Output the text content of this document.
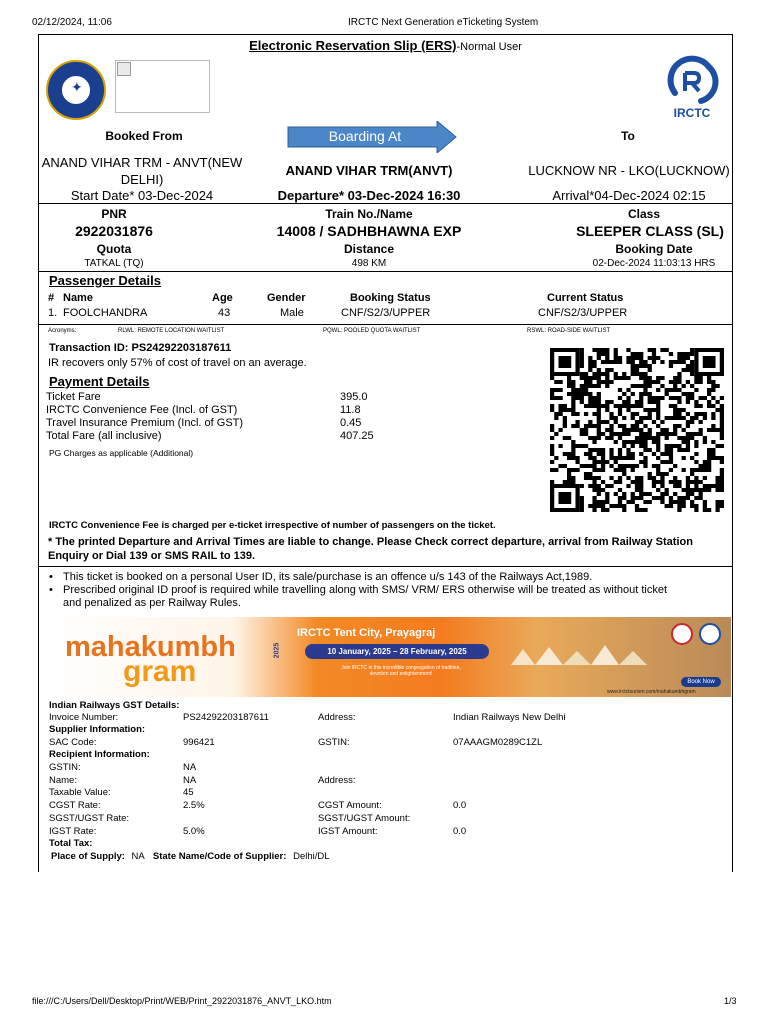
02/12/2024, 11:06	IRCTC Next Generation eTicketing System
file:///C:/Users/Dell/Desktop/Print/WEB/Print_2922031876_ANVT_LKO.htm	1/3
Electronic Reservation Slip (ERS)-Normal User
✦
IRCTC
Booked From	Boarding At	To
ANAND VIHAR TRM - ANVT(NEW
DELHI)
ANAND VIHAR TRM(ANVT)	LUCKNOW NR - LKO(LUCKNOW)
Start Date* 03-Dec-2024	Departure* 03-Dec-2024 16:30	Arrival*04-Dec-2024 02:15
PNR	Train No./Name	Class
2922031876	14008 / SADHBHAWNA EXP	SLEEPER CLASS (SL)
Quota	Distance	Booking Date
TATKAL (TQ)	498 KM	02-Dec-2024 11:03:13 HRS
Passenger Details
# Name	Age	Gender	Booking Status	Current Status
1. FOOLCHANDRA	43	Male	CNF/S2/3/UPPER	CNF/S2/3/UPPER
Acronyms:	RLWL: REMOTE LOCATION WAITLIST	PQWL: POOLED QUOTA WAITLIST	RSWL: ROAD-SIDE WAITLIST
Transaction ID: PS24292203187611
IR recovers only 57% of cost of travel on an average.
Payment Details
Ticket Fare	395.0
IRCTC Convenience Fee (Incl. of GST)	11.8
Travel Insurance Premium (Incl. of GST)	0.45
Total Fare (all inclusive)	407.25
PG Charges as applicable (Additional)
IRCTC Convenience Fee is charged per e-ticket irrespective of number of passengers on the ticket.
* The printed Departure and Arrival Times are liable to change. Please Check correct departure, arrival from Railway Station
Enquiry or Dial 139 or SMS RAIL to 139.
• This ticket is booked on a personal User ID, its sale/purchase is an offence u/s 143 of the Railways Act,1989.
• Prescribed original ID proof is required while travelling along with SMS/ VRM/ ERS otherwise will be treated as without ticket
and penalized as per Railway Rules.
mahakumbh
gram
2025
IRCTC Tent City, Prayagraj
10 January, 2025 – 28 February, 2025
Join IRCTC in this incredible congregation of tradition, devotion and enlightenment!
Book Now
www.irctctourism.com/mahakumbhgram
Indian Railways GST Details:
Invoice Number:	PS24292203187611	Address:	Indian Railways New Delhi
Supplier Information:
SAC Code:	996421	GSTIN:	07AAAGM0289C1ZL
Recipient Information:
GSTIN:	NA
Name:	NA	Address:
Taxable Value:	45
CGST Rate:	2.5%	CGST Amount:	0.0
SGST/UGST Rate:	SGST/UGST Amount:
IGST Rate:	5.0%	IGST Amount:	0.0
Total Tax:
Place of Supply: NA State Name/Code of Supplier: Delhi/DL
